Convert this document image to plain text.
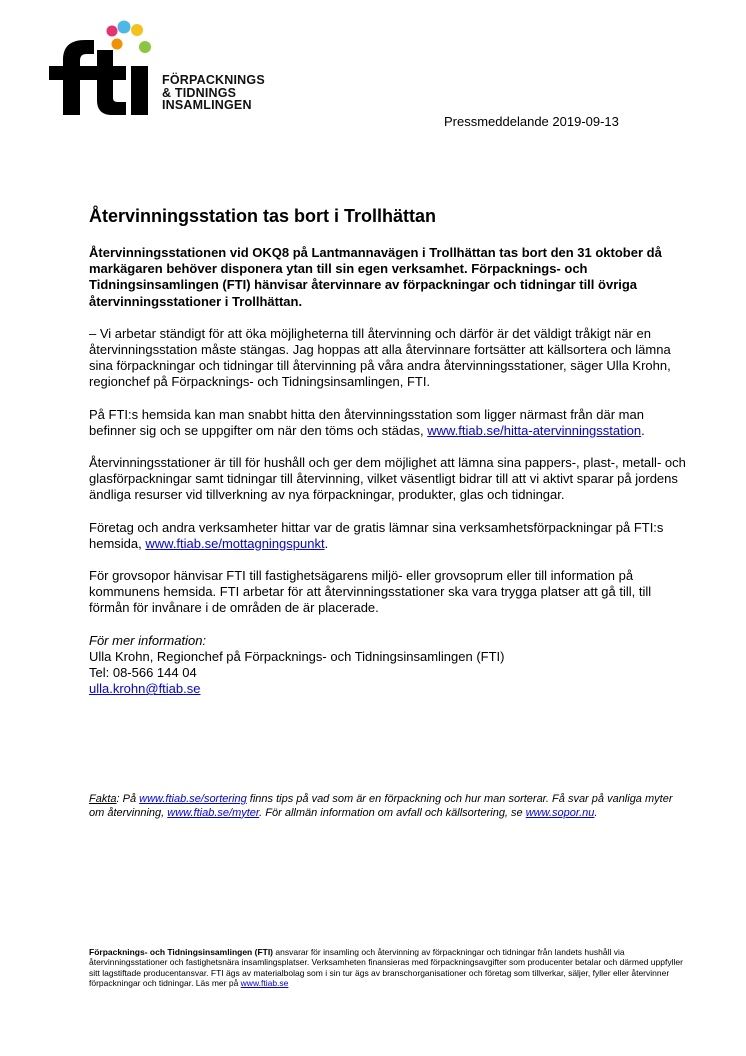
FÖRPACKNINGS
& TIDNINGS
INSAMLINGEN
Pressmeddelande 2019-09-13
Återvinningsstation tas bort i Trollhättan

Återvinningsstationen vid OKQ8 på Lantmannavägen i Trollhättan tas bort den 31 oktober då markägaren behöver disponera ytan till sin egen verksamhet. Förpacknings- och Tidningsinsamlingen (FTI) hänvisar återvinnare av förpackningar och tidningar till övriga återvinningsstationer i Trollhättan.

– Vi arbetar ständigt för att öka möjligheterna till återvinning och därför är det väldigt tråkigt när en återvinningsstation måste stängas. Jag hoppas att alla återvinnare fortsätter att källsortera och lämna sina förpackningar och tidningar till återvinning på våra andra återvinningsstationer, säger Ulla Krohn, regionchef på Förpacknings- och Tidningsinsamlingen, FTI.

På FTI:s hemsida kan man snabbt hitta den återvinningsstation som ligger närmast från där man befinner sig och se uppgifter om när den töms och städas, www.ftiab.se/hitta-atervinningsstation.

Återvinningsstationer är till för hushåll och ger dem möjlighet att lämna sina pappers-, plast-, metall- och glasförpackningar samt tidningar till återvinning, vilket väsentligt bidrar till att vi aktivt sparar på jordens ändliga resurser vid tillverkning av nya förpackningar, produkter, glas och tidningar.

Företag och andra verksamheter hittar var de gratis lämnar sina verksamhetsförpackningar på FTI:s hemsida, www.ftiab.se/mottagningspunkt.

För grovsopor hänvisar FTI till fastighetsägarens miljö- eller grovsoprum eller till information på kommunens hemsida. FTI arbetar för att återvinningsstationer ska vara trygga platser att gå till, till förmån för invånare i de områden de är placerade.

För mer information:
Ulla Krohn, Regionchef på Förpacknings- och Tidningsinsamlingen (FTI)
Tel: 08-566 144 04
ulla.krohn@ftiab.se
Fakta: På www.ftiab.se/sortering finns tips på vad som är en förpackning och hur man sorterar. Få svar på vanliga myter om återvinning, www.ftiab.se/myter. För allmän information om avfall och källsortering, se www.sopor.nu.
Förpacknings- och Tidningsinsamlingen (FTI) ansvarar för insamling och återvinning av förpackningar och tidningar från landets hushåll via återvinningsstationer och fastighetsnära insamlingsplatser. Verksamheten finansieras med förpackningsavgifter som producenter betalar och därmed uppfyller sitt lagstiftade producentansvar. FTI ägs av materialbolag som i sin tur ägs av branschorganisationer och företag som tillverkar, säljer, fyller eller återvinner förpackningar och tidningar. Läs mer på www.ftiab.se
